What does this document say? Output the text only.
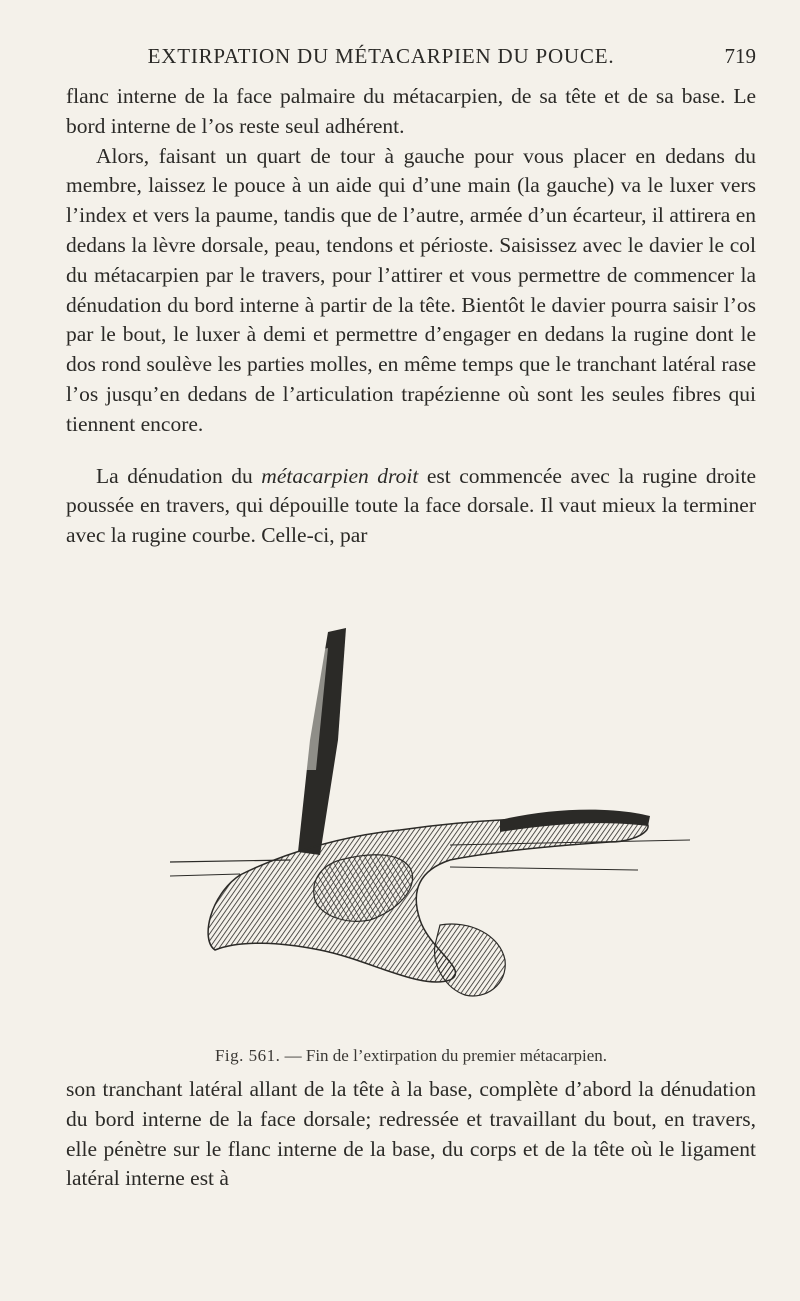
EXTIRPATION DU MÉTACARPIEN DU POUCE.	719

flanc interne de la face palmaire du métacarpien, de sa tête et de sa base. Le bord interne de l’os reste seul adhérent.

Alors, faisant un quart de tour à gauche pour vous placer en dedans du membre, laissez le pouce à un aide qui d’une main (la gauche) va le luxer vers l’index et vers la paume, tandis que de l’autre, armée d’un écarteur, il attirera en dedans la lèvre dorsale, peau, tendons et périoste. Saisissez avec le davier le col du métacarpien par le travers, pour l’attirer et vous permettre de commencer la dénudation du bord interne à partir de la tête. Bientôt le davier pourra saisir l’os par le bout, le luxer à demi et permettre d’engager en dedans la rugine dont le dos rond soulève les parties molles, en même temps que le tranchant latéral rase l’os jusqu’en dedans de l’articulation trapézienne où sont les seules fibres qui tiennent encore.

La dénudation du métacarpien droit est commencée avec la rugine droite poussée en travers, qui dépouille toute la face dorsale. Il vaut mieux la terminer avec la rugine courbe. Celle-ci, par

Fig. 561. — Fin de l’extirpation du premier métacarpien.

son tranchant latéral allant de la tête à la base, complète d’abord la dénudation du bord interne de la face dorsale; redressée et travaillant du bout, en travers, elle pénètre sur le flanc interne de la base, du corps et de la tête où le ligament latéral interne est à
